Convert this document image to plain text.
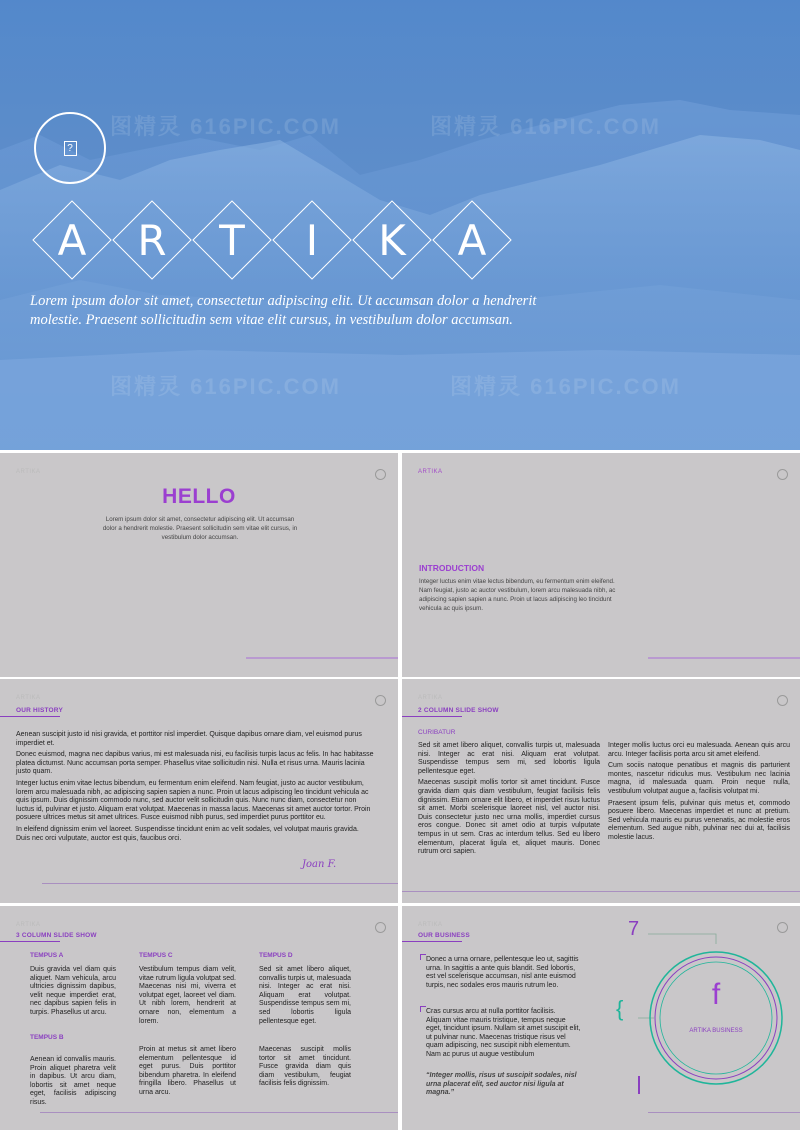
图精灵 616PIC.COM
?
A	R	T	I	K	A
Lorem ipsum dolor sit amet, consectetur adipiscing elit. Ut accumsan dolor a hendrerit
molestie. Praesent sollicitudin sem vitae elit cursus, in vestibulum dolor accumsan.
ARTIKA
HELLO
Lorem ipsum dolor sit amet, consectetur adipiscing elit. Ut accumsan dolor a hendrerit molestie. Praesent sollicitudin sem vitae elit cursus, in vestibulum dolor accumsan.
ARTIKA
INTRODUCTION
Integer luctus enim vitae lectus bibendum, eu fermentum enim eleifend. Nam feugiat, justo ac auctor vestibulum, lorem arcu malesuada nibh, ac adipiscing sapien sapien a nunc. Proin ut lacus adipiscing leo tincidunt vehicula ac quis ipsum.
ARTIKA
OUR HISTORY

Aenean suscipit justo id nisi gravida, et porttitor nisl imperdiet. Quisque dapibus ornare diam, vel euismod purus imperdiet et.

Donec euismod, magna nec dapibus varius, mi est malesuada nisi, eu facilisis turpis lacus ac felis. In hac habitasse platea dictumst. Nunc accumsan porta semper. Phasellus vitae sollicitudin nisi. Nulla et risus urna. Mauris lacinia justo quam.

Integer luctus enim vitae lectus bibendum, eu fermentum enim eleifend. Nam feugiat, justo ac auctor vestibulum, lorem arcu malesuada nibh, ac adipiscing sapien sapien a nunc. Proin ut lacus adipiscing leo tincidunt vehicula ac quis ipsum. Duis dignissim commodo nunc, sed auctor velit sollicitudin quis. Nunc nunc diam, consectetur non luctus id, pulvinar et justo. Aliquam erat volutpat. Maecenas in massa lacus. Maecenas sit amet auctor tortor. Proin posuere ultrices metus sit amet ultrices. Fusce euismod nibh purus, sed imperdiet purus porttitor eu.

In eleifend dignissim enim vel laoreet. Suspendisse tincidunt enim ac velit sodales, vel volutpat mauris gravida. Duis nec orci vulputate, auctor est quis, faucibus orci.

Joan F.
ARTIKA
2 COLUMN SLIDE SHOW
CURIBATUR

Sed sit amet libero aliquet, convallis turpis ut, malesuada nisi. Integer ac erat nisi. Aliquam erat volutpat. Suspendisse tempus sem mi, sed lobortis ligula pellentesque eget.

Maecenas suscipit mollis tortor sit amet tincidunt. Fusce gravida diam quis diam vestibulum, feugiat facilisis felis dignissim. Etiam ornare elit libero, et imperdiet risus luctus sit amet. Morbi scelerisque laoreet nisl, vel auctor nisi. Duis consectetur justo nec urna mollis, imperdiet cursus eros congue. Donec sit amet odio at turpis vulputate tempus in ut sem. Cras ac interdum tellus. Sed eu libero elementum, placerat ligula et, aliquet mauris. Donec rutrum orci sapien.

Integer mollis luctus orci eu malesuada. Aenean quis arcu arcu. Integer facilisis porta arcu sit amet eleifend.

Cum sociis natoque penatibus et magnis dis parturient montes, nascetur ridiculus mus. Vestibulum nec lacinia magna, id malesuada quam. Proin neque nulla, vestibulum volutpat augue a, facilisis volutpat mi.

Praesent ipsum felis, pulvinar quis metus et, commodo posuere libero. Maecenas imperdiet et nunc at pretium. Sed vehicula mauris eu purus venenatis, ac molestie eros elementum. Sed augue nibh, pulvinar nec dui at, facilisis molestie lacus.

ARTIKA
3 COLUMN SLIDE SHOW
TEMPUS A
Duis gravida vel diam quis aliquet. Nam vehicula, arcu ultricies dignissim dapibus, velit neque imperdiet erat, nec dapibus sapien felis in turpis. Phasellus ut arcu.
TEMPUS B
Aenean id convallis mauris. Proin aliquet pharetra velit in dapibus. Ut arcu diam, lobortis sit amet neque eget, facilisis adipiscing risus.
TEMPUS C
Vestibulum tempus diam velit, vitae rutrum ligula volutpat sed. Maecenas nisi mi, viverra et volutpat eget, laoreet vel diam. Ut nibh lorem, hendrerit at ornare non, elementum a lorem.
Proin at metus sit amet libero elementum pellentesque id eget purus. Duis porttitor bibendum pharetra. In eleifend fringilla libero. Phasellus ut urna arcu.
TEMPUS D
Sed sit amet libero aliquet, convallis turpis ut, malesuada nisi. Integer ac erat nisi. Aliquam erat volutpat. Suspendisse tempus sem mi, sed lobortis ligula pellentesque eget.
Maecenas suscipit mollis tortor sit amet tincidunt. Fusce gravida diam quis diam vestibulum, feugiat facilisis felis dignissim.
ARTIKA
OUR BUSINESS
Donec a urna ornare, pellentesque leo ut, sagittis urna. In sagittis a ante quis blandit. Sed lobortis, est vel scelerisque accumsan, nisl ante euismod turpis, nec sodales eros mauris rutrum leo.
Cras cursus arcu at nulla porttitor facilisis. Aliquam vitae mauris tristique, tempus neque eget, tincidunt ipsum. Nullam sit amet suscipit elit, ut pulvinar nunc. Maecenas tristique risus vel quam adipiscing, nec suscipit nibh elementum. Nam ac purus ut augue vestibulum
“Integer mollis, risus ut suscipit sodales, nisl urna placerat elit, sed auctor nisi ligula at magna.”
7
{	f
ARTIKA BUSINESS
